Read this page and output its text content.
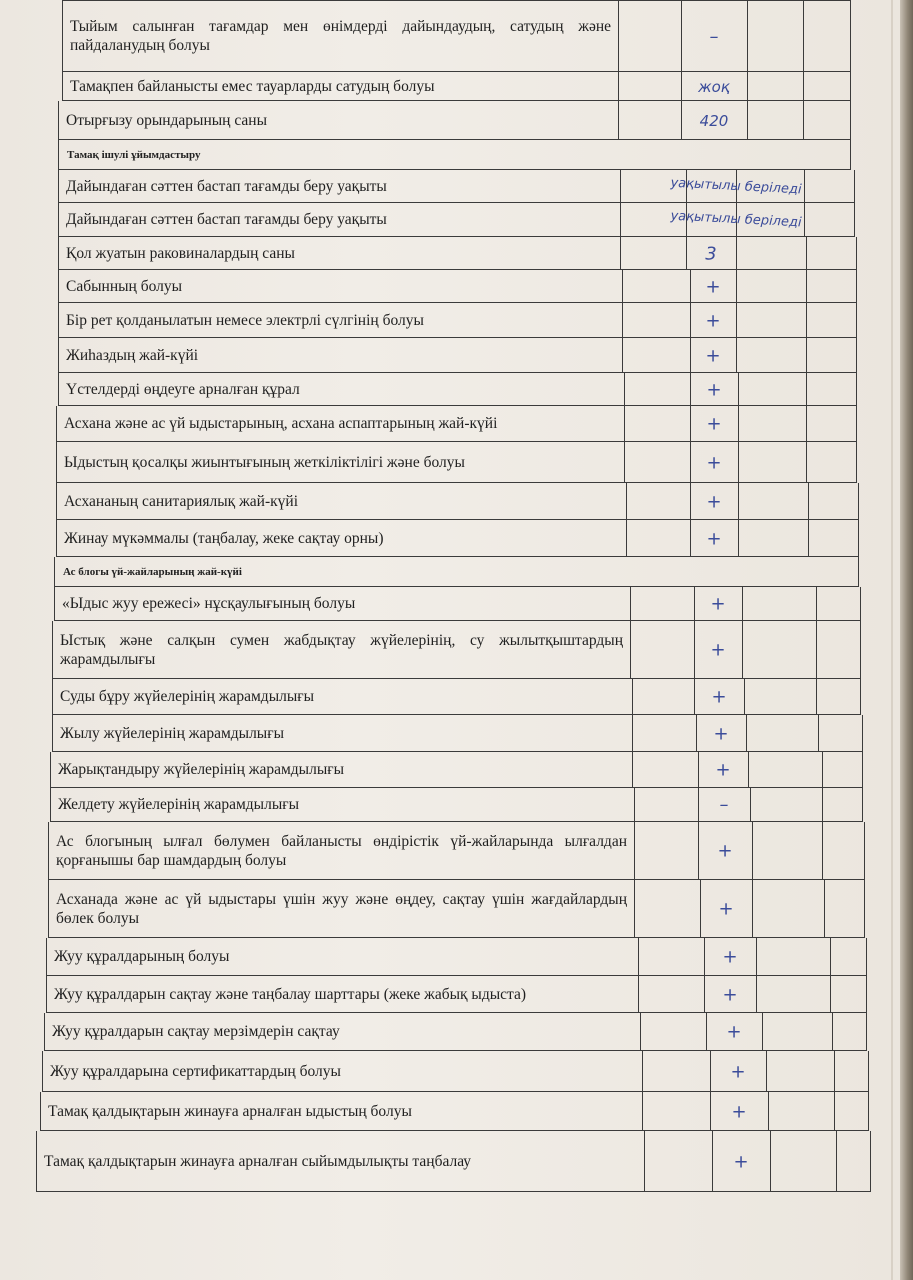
Тыйым салынған тағамдар мен өнімдерді дайындаудың, сатудың және пайдаланудың болуы	–
Тамақпен байланысты емес тауарларды сатудың болуы	жоқ
Отырғызу орындарының саны	420
Тамақ ішулі ұйымдастыру
Дайындаған сәттен бастап тағамды беру уақыты	уақытылы беріледі
Дайындаған сәттен бастап тағамды беру уақыты	уақытылы беріледі
Қол жуатын раковиналардың саны	3
Сабынның болуы	+
Бір рет қолданылатын немесе электрлі сүлгінің болуы	+
Жиһаздың жай-күйі	+
Үстелдерді өңдеуге арналған құрал	+
Асхана және ас үй ыдыстарының, асхана аспаптарының жай-күйі	+
Ыдыстың қосалқы жиынтығының жеткіліктілігі және болуы	+
Асхананың санитариялық жай-күйі	+
Жинау мүкәммалы (таңбалау, жеке сақтау орны)	+
Ас блогы үй-жайларының жай-күйі
«Ыдыс жуу ережесі» нұсқаулығының болуы	+
Ыстық және салқын сумен жабдықтау жүйелерінің, су жылытқыштардың жарамдылығы	+
Суды бұру жүйелерінің жарамдылығы	+
Жылу жүйелерінің жарамдылығы	+
Жарықтандыру жүйелерінің жарамдылығы	+
Желдету жүйелерінің жарамдылығы	–
Ас блогының ылғал бөлумен байланысты өндірістік үй-жайларында ылғалдан қорғанышы бар шамдардың болуы	+
Асханада және ас үй ыдыстары үшін жуу және өңдеу, сақтау үшін жағдайлардың бөлек болуы	+
Жуу құралдарының болуы	+
Жуу құралдарын сақтау және таңбалау шарттары (жеке жабық ыдыста)	+
Жуу құралдарын сақтау мерзімдерін сақтау	+
Жуу құралдарына сертификаттардың болуы	+
Тамақ қалдықтарын жинауға арналған ыдыстың болуы	+
Тамақ қалдықтарын жинауға арналған сыйымдылықты таңбалау	+
